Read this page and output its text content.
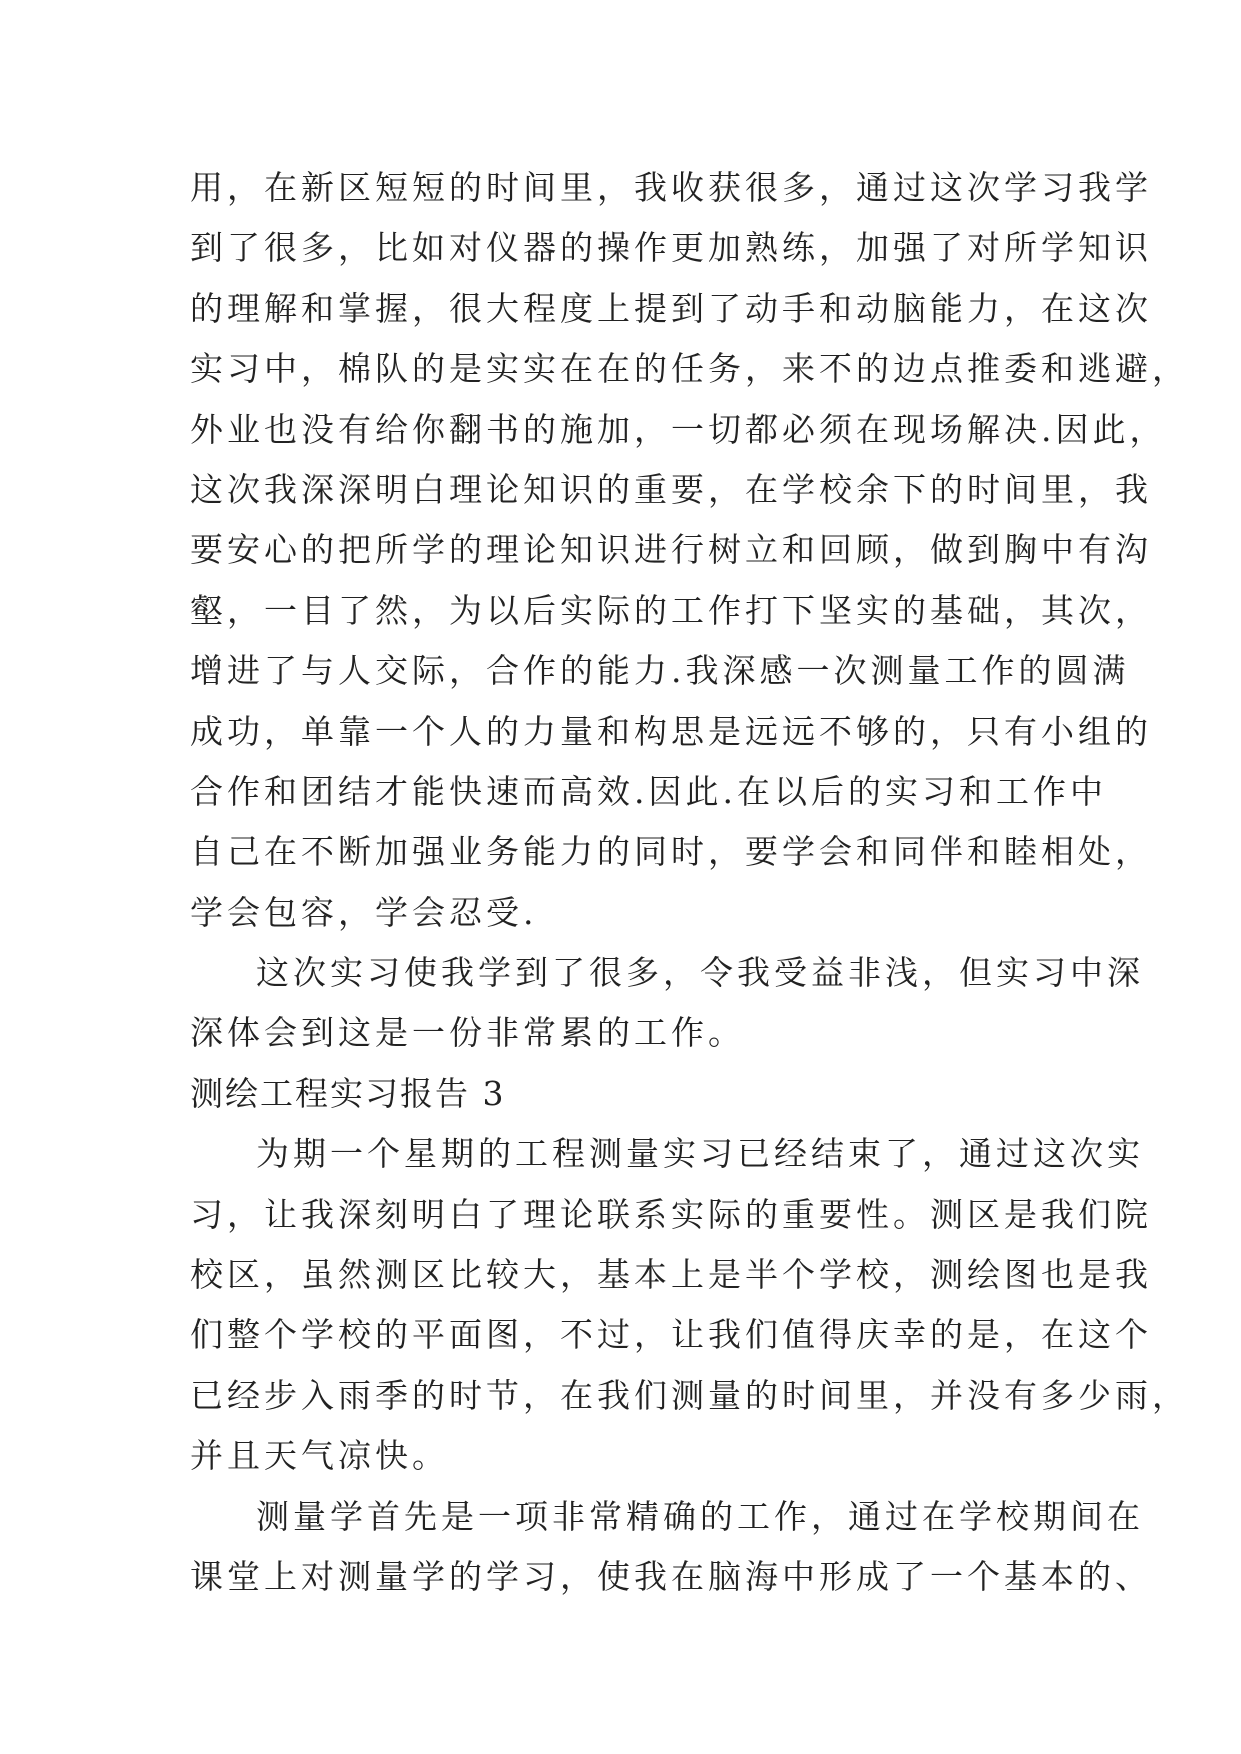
用，在新区短短的时间里，我收获很多，通过这次学习我学
到了很多，比如对仪器的操作更加熟练，加强了对所学知识
的理解和掌握，很大程度上提到了动手和动脑能力，在这次
实习中，棉队的是实实在在的任务，来不的边点推委和逃避，
外业也没有给你翻书的施加，一切都必须在现场解决.因此，
这次我深深明白理论知识的重要，在学校余下的时间里，我
要安心的把所学的理论知识进行树立和回顾，做到胸中有沟
壑，一目了然，为以后实际的工作打下坚实的基础，其次，
增进了与人交际，合作的能力.我深感一次测量工作的圆满
成功，单靠一个人的力量和构思是远远不够的，只有小组的
合作和团结才能快速而高效.因此.在以后的实习和工作中
自己在不断加强业务能力的同时，要学会和同伴和睦相处，
学会包容，学会忍受.
这次实习使我学到了很多，令我受益非浅，但实习中深
深体会到这是一份非常累的工作。
测绘工程实习报告 3
为期一个星期的工程测量实习已经结束了，通过这次实
习，让我深刻明白了理论联系实际的重要性。测区是我们院
校区，虽然测区比较大，基本上是半个学校，测绘图也是我
们整个学校的平面图，不过，让我们值得庆幸的是，在这个
已经步入雨季的时节，在我们测量的时间里，并没有多少雨，
并且天气凉快。
测量学首先是一项非常精确的工作，通过在学校期间在
课堂上对测量学的学习，使我在脑海中形成了一个基本的、
